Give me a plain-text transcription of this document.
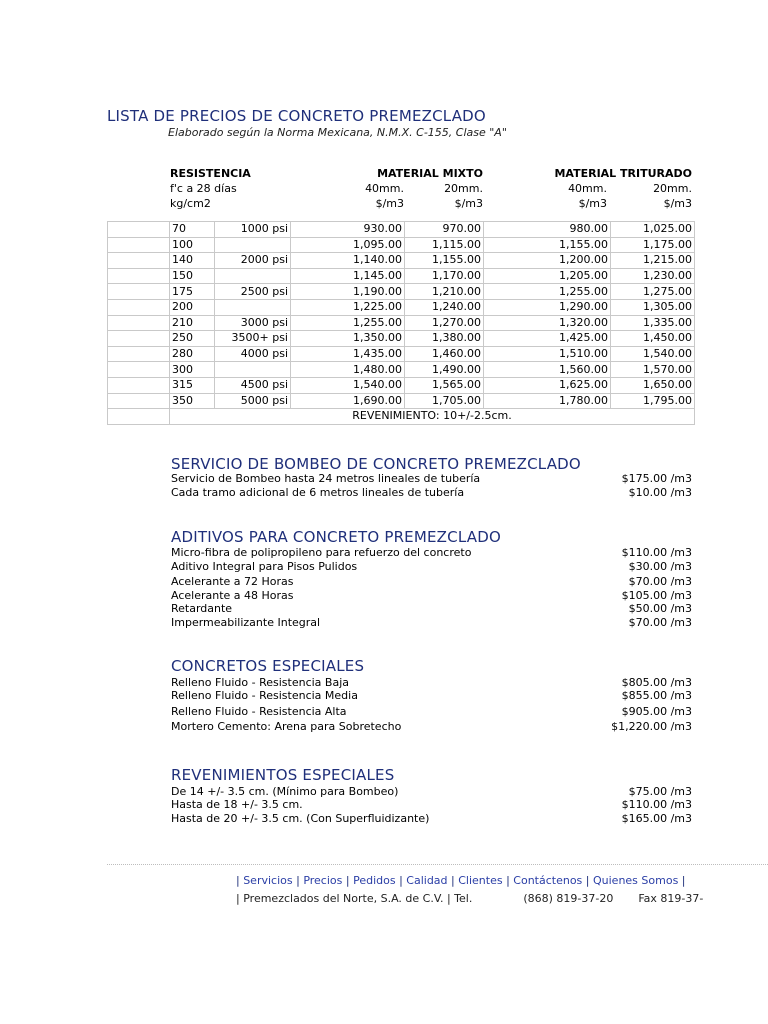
LISTA DE PRECIOS DE CONCRETO PREMEZCLADO
Elaborado según la Norma Mexicana, N.M.X. C-155, Clase "A"
RESISTENCIA
f'c a 28 días
kg/cm2
MATERIAL MIXTO
40mm.	20mm.
$/m3	$/m3
MATERIAL TRITURADO
40mm.	20mm.
$/m3	$/m3
	70	1000 psi	930.00	970.00	980.00	1,025.00
	100		1,095.00	1,115.00	1,155.00	1,175.00
	140	2000 psi	1,140.00	1,155.00	1,200.00	1,215.00
	150		1,145.00	1,170.00	1,205.00	1,230.00
	175	2500 psi	1,190.00	1,210.00	1,255.00	1,275.00
	200		1,225.00	1,240.00	1,290.00	1,305.00
	210	3000 psi	1,255.00	1,270.00	1,320.00	1,335.00
	250	3500+ psi	1,350.00	1,380.00	1,425.00	1,450.00
	280	4000 psi	1,435.00	1,460.00	1,510.00	1,540.00
	300		1,480.00	1,490.00	1,560.00	1,570.00
	315	4500 psi	1,540.00	1,565.00	1,625.00	1,650.00
	350	5000 psi	1,690.00	1,705.00	1,780.00	1,795.00
	REVENIMIENTO: 10+/-2.5cm.					
SERVICIO DE BOMBEO DE CONCRETO PREMEZCLADO
Servicio de Bombeo hasta 24 metros lineales de tubería	$175.00 /m3
Cada tramo adicional de 6 metros lineales de tubería	$10.00 /m3
ADITIVOS PARA CONCRETO PREMEZCLADO
Micro-fibra de polipropileno para refuerzo del concreto	$110.00 /m3
Aditivo Integral para Pisos Pulidos	$30.00 /m3
Acelerante a 72 Horas	$70.00 /m3
Acelerante a 48 Horas	$105.00 /m3
Retardante	$50.00 /m3
Impermeabilizante Integral	$70.00 /m3
CONCRETOS ESPECIALES
Relleno Fluido - Resistencia Baja	$805.00 /m3
Relleno Fluido - Resistencia Media	$855.00 /m3
Relleno Fluido - Resistencia Alta	$905.00 /m3
Mortero Cemento: Arena para Sobretecho	$1,220.00 /m3
REVENIMIENTOS ESPECIALES
De 14 +/- 3.5 cm. (Mínimo para Bombeo)	$75.00 /m3
Hasta de 18 +/- 3.5 cm.	$110.00 /m3
Hasta de 20 +/- 3.5 cm. (Con Superfluidizante)	$165.00 /m3
| Servicios | Precios | Pedidos | Calidad | Clientes | Contáctenos | Quienes Somos |
| Premezclados del Norte, S.A. de C.V. | Tel.	(868) 819-37-20 Fax 819-37-
